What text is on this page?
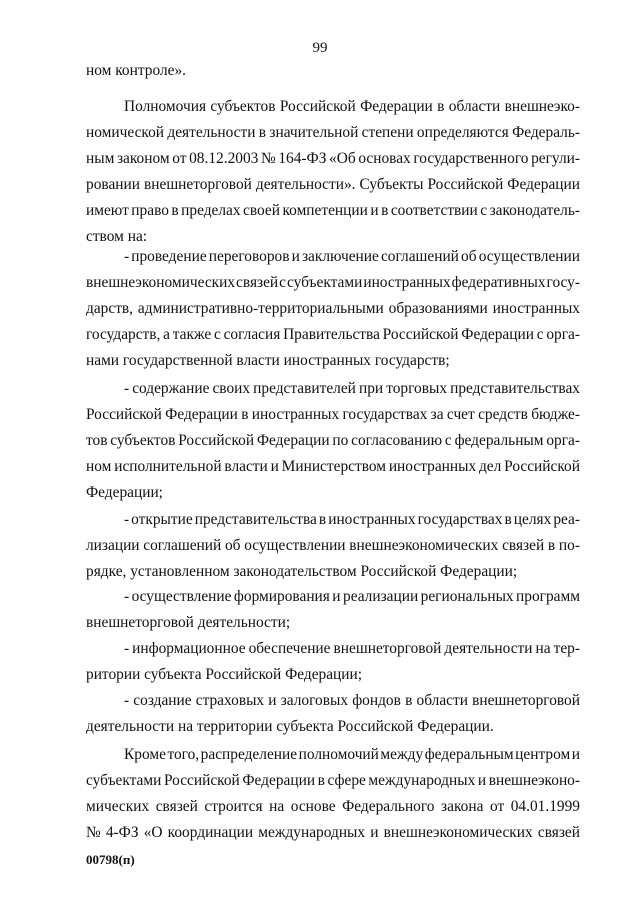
99
ном контроле».
Полномочия субъектов Российской Федерации в области внешнеэко-
номической деятельности в значительной степени определяются Федераль-
ным законом от 08.12.2003 № 164-ФЗ «Об основах государственного регули-
ровании внешнеторговой деятельности». Субъекты Российской Федерации
имеют право в пределах своей компетенции и в соответствии с законодатель-
ством на:
- проведение переговоров и заключение соглашений об осуществлении
внешнеэкономических связей с субъектами иностранных федеративных госу-
дарств, административно-территориальными образованиями иностранных
государств, а также с согласия Правительства Российской Федерации с орга-
нами государственной власти иностранных государств;
- содержание своих представителей при торговых представительствах
Российской Федерации в иностранных государствах за счет средств бюдже-
тов субъектов Российской Федерации по согласованию с федеральным орга-
ном исполнительной власти и Министерством иностранных дел Российской
Федерации;
- открытие представительства в иностранных государствах в целях реа-
лизации соглашений об осуществлении внешнеэкономических связей в по-
рядке, установленном законодательством Российской Федерации;
- осуществление формирования и реализации региональных программ
внешнеторговой деятельности;
- информационное обеспечение внешнеторговой деятельности на тер-
ритории субъекта Российской Федерации;
- создание страховых и залоговых фондов в области внешнеторговой
деятельности на территории субъекта Российской Федерации.
Кроме того, распределение полномочий между федеральным центром и
субъектами Российской Федерации в сфере международных и внешнеэконо-
мических связей строится на основе Федерального закона от 04.01.1999
№ 4-ФЗ «О координации международных и внешнеэкономических связей
00798(п)
